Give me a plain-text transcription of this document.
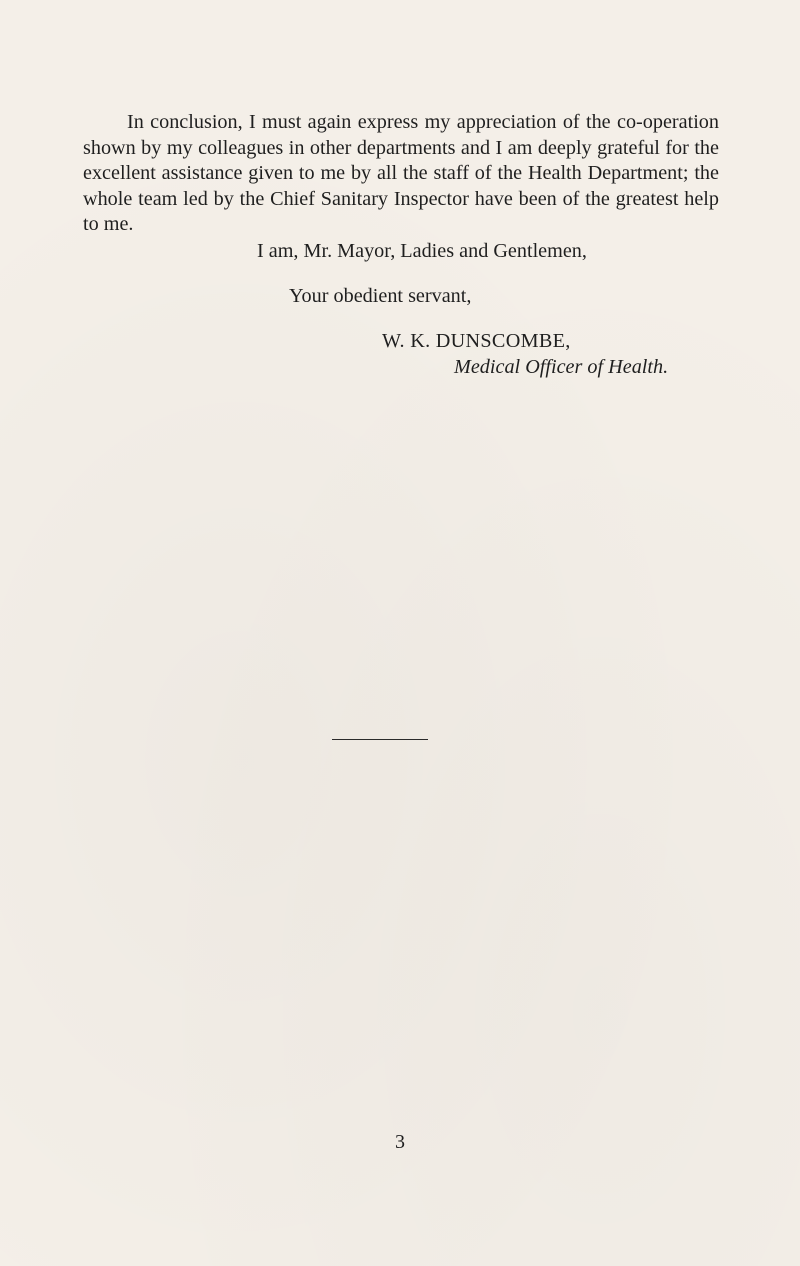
In conclusion, I must again express my appreciation of the co-operation shown by my colleagues in other departments and I am deeply grateful for the excellent assistance given to me by all the staff of the Health Department; the whole team led by the Chief Sanitary Inspector have been of the greatest help to me.

I am, Mr. Mayor, Ladies and Gentlemen,

Your obedient servant,

W. K. DUNSCOMBE,

Medical Officer of Health.

3
